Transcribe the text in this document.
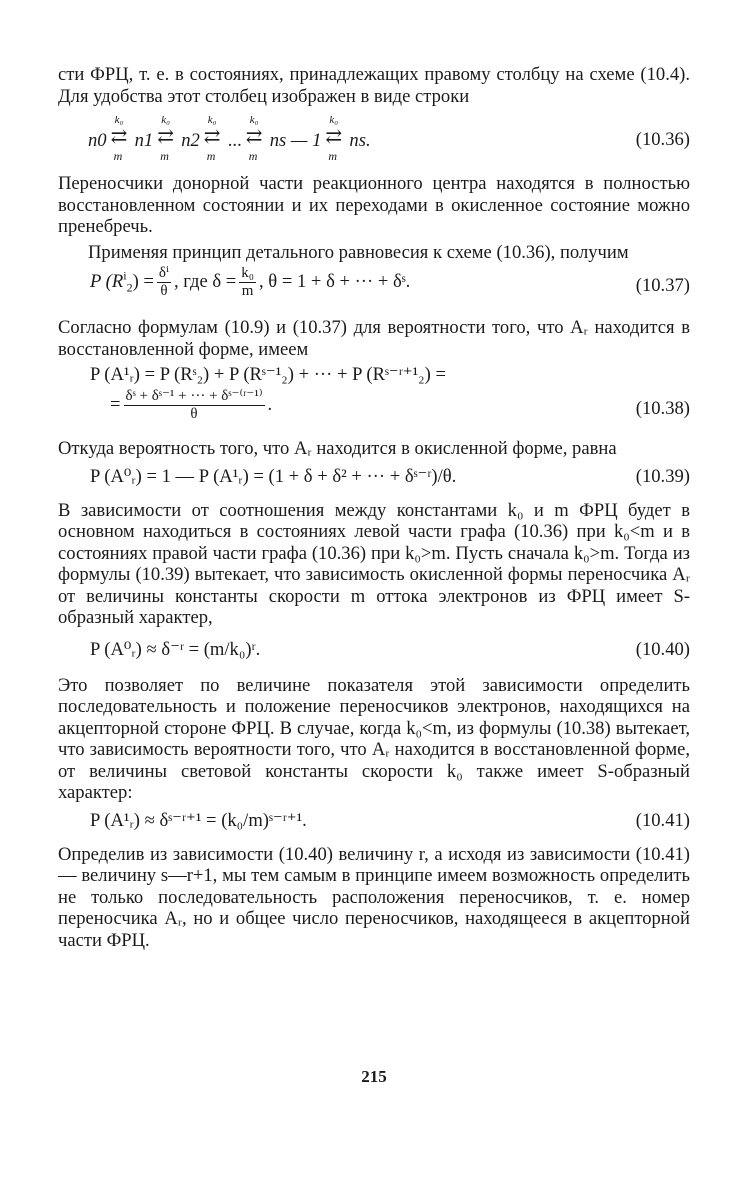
сти ФРЦ, т. е. в состояниях, принадлежащих правому столбцу на схеме (10.4). Для удобства этот столбец изображен в виде строки

n0
k₀
⇄
m
n1
k₀
⇄
m
n2
k₀
⇄
m
...
k₀
⇄
m
ns — 1
k₀
⇄
m
ns.	(10.36)

Переносчики донорной части реакционного центра находятся в полностью восстановленном состоянии и их переходами в окисленное состояние можно пренебречь.

Применяя принцип детального равновесия к схеме (10.36), получим

P $(R^i_2) = \frac{\text{δⁱ}}{\theta}$ , где $\delta = \frac{\text{k₀}}{m}$ , θ = 1 + δ + ··· + δˢ.	(10.37)

Согласно формулам (10.9) и (10.37) для вероятности того, что Aᵣ находится в восстановленной форме, имеем

P (A¹ᵣ) = P (Rˢ₂) + P (Rˢ⁻¹₂) + ··· + P (Rˢ⁻ʳ⁺¹₂) =
= $\frac{\text{δˢ + δˢ⁻¹ + ··· + δˢ⁻⁽ʳ⁻¹⁾}}{\theta}$ .	(10.38)

Откуда вероятность того, что Aᵣ находится в окисленной форме, равна

P (A⁰ᵣ) = 1 — P (A¹ᵣ) = (1 + δ + δ² + ··· + δˢ⁻ʳ)/θ.	(10.39)

В зависимости от соотношения между константами k₀ и m ФРЦ будет в основном находиться в состояниях левой части графа (10.36) при k₀<m и в состояниях правой части графа (10.36) при k₀>m. Пусть сначала k₀>m. Тогда из формулы (10.39) вытекает, что зависимость окисленной формы переносчика Aᵣ от величины константы скорости m оттока электронов из ФРЦ имеет S-образный характер,

P (A⁰ᵣ) ≈ δ⁻ʳ = (m/k₀)ʳ.	(10.40)

Это позволяет по величине показателя этой зависимости определить последовательность и положение переносчиков электронов, находящихся на акцепторной стороне ФРЦ. В случае, когда k₀<m, из формулы (10.38) вытекает, что зависимость вероятности того, что Aᵣ находится в восстановленной форме, от величины световой константы скорости k₀ также имеет S-образный характер:

P (A¹ᵣ) ≈ δˢ⁻ʳ⁺¹ = (k₀/m)ˢ⁻ʳ⁺¹.	(10.41)

Определив из зависимости (10.40) величину r, а исходя из зависимости (10.41) — величину s—r+1, мы тем самым в принципе имеем возможность определить не только последовательность расположения переносчиков, т. е. номер переносчика Aᵣ, но и общее число переносчиков, находящееся в акцепторной части ФРЦ.

215
